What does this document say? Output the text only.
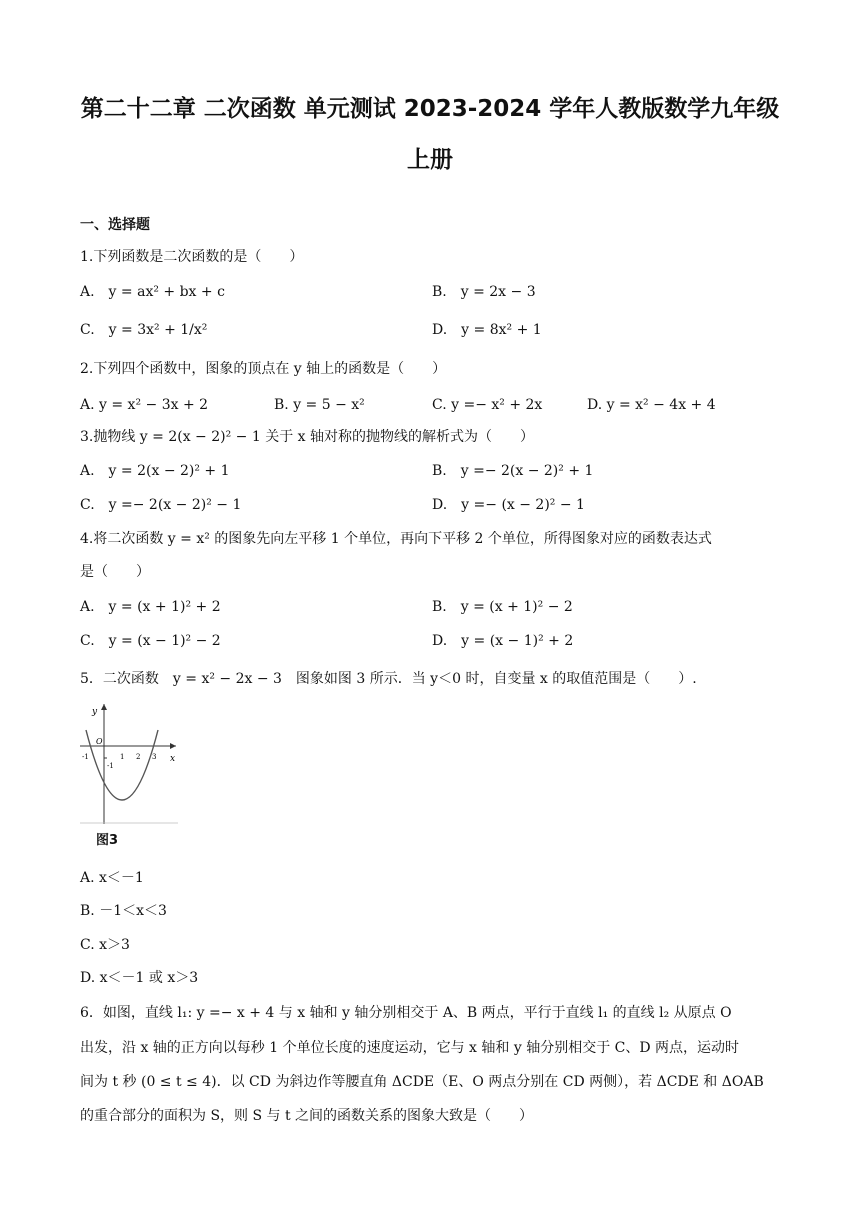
第二十二章 二次函数 单元测试 2023-2024 学年人教版数学九年级
上册
一、选择题
1.下列函数是二次函数的是（　　）
A.　y = ax² + bx + c	B.　y = 2x − 3
C.　y = 3x² + 1/x²	D.　y = 8x² + 1
2.下列四个函数中，图象的顶点在 y 轴上的函数是（　　）
A. y = x² − 3x + 2	B. y = 5 − x²	C. y =− x² + 2x	D. y = x² − 4x + 4
3.抛物线 y = 2(x − 2)² − 1 关于 x 轴对称的抛物线的解析式为（　　）
A.　y = 2(x − 2)² + 1	B.　y =− 2(x − 2)² + 1
C.　y =− 2(x − 2)² − 1	D.　y =− (x − 2)² − 1
4.将二次函数 y = x² 的图象先向左平移 1 个单位，再向下平移 2 个单位，所得图象对应的函数表达式
是（　　）
A.　y = (x + 1)² + 2	B.　y = (x + 1)² − 2
C.　y = (x − 1)² − 2	D.　y = (x − 1)² + 2
5．二次函数　y = x² − 2x − 3　图象如图 3 所示．当 y＜0 时，自变量 x 的取值范围是（　　）.
y
x
O
-1	1 2 3
-1
图3
A. x＜－1
B. －1＜x＜3
C. x＞3
D. x＜－1 或 x＞3
6．如图，直线 l₁: y =− x + 4 与 x 轴和 y 轴分别相交于 A、B 两点，平行于直线 l₁ 的直线 l₂ 从原点 O
出发，沿 x 轴的正方向以每秒 1 个单位长度的速度运动，它与 x 轴和 y 轴分别相交于 C、D 两点，运动时
间为 t 秒 (0 ≤ t ≤ 4)．以 CD 为斜边作等腰直角 ΔCDE（E、O 两点分别在 CD 两侧），若 ΔCDE 和 ΔOAB
的重合部分的面积为 S，则 S 与 t 之间的函数关系的图象大致是（　　）
